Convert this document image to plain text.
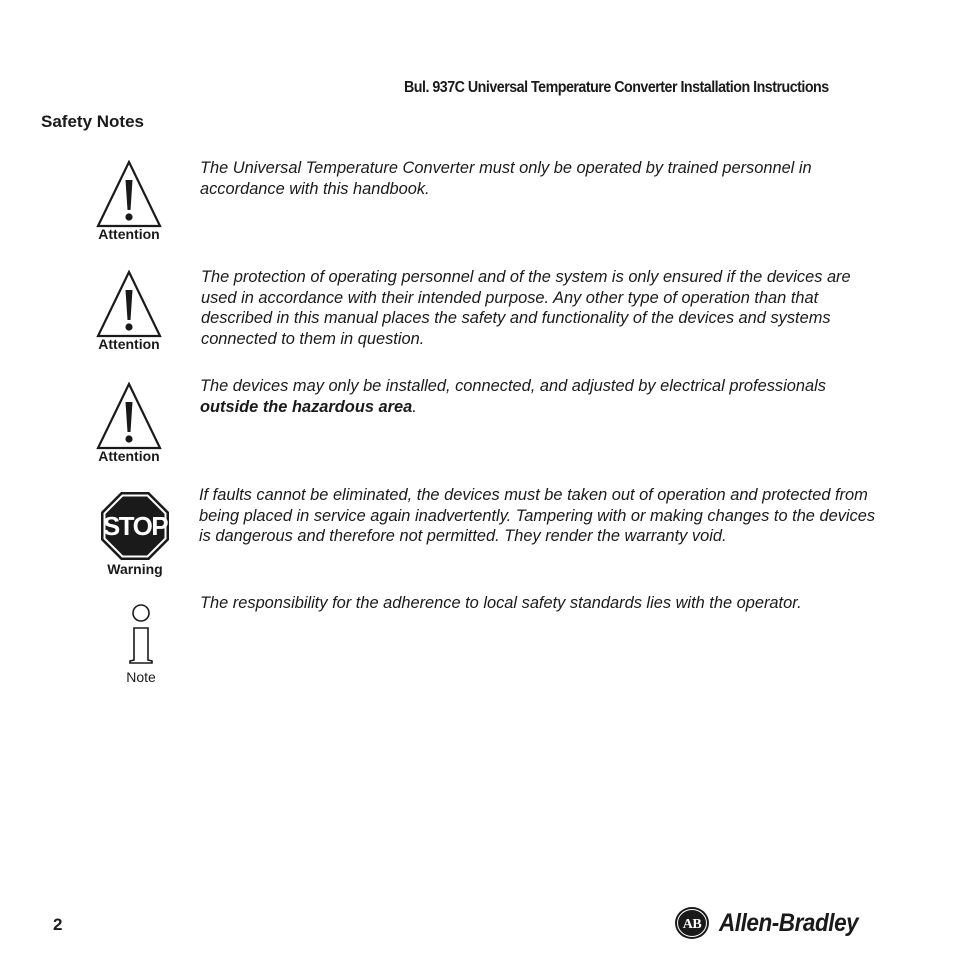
Bul. 937C Universal Temperature Converter Installation Instructions
Safety Notes
Attention
The Universal Temperature Converter must only be operated by trained personnel in accordance with this handbook.
Attention
The protection of operating personnel and of the system is only ensured if the devices are used in accordance with their intended purpose. Any other type of operation than that described in this manual places the safety and functionality of the devices and systems connected to them in question.
Attention
The devices may only be installed, connected, and adjusted by electrical professionals
outside the hazardous area.
STOP
Warning
If faults cannot be eliminated, the devices must be taken out of operation and protected from being placed in service again inadvertently. Tampering with or making changes to the devices is dangerous and therefore not permitted. They render the warranty void.
Note
The responsibility for the adherence to local safety standards lies with the operator.
2	AB Allen-Bradley
